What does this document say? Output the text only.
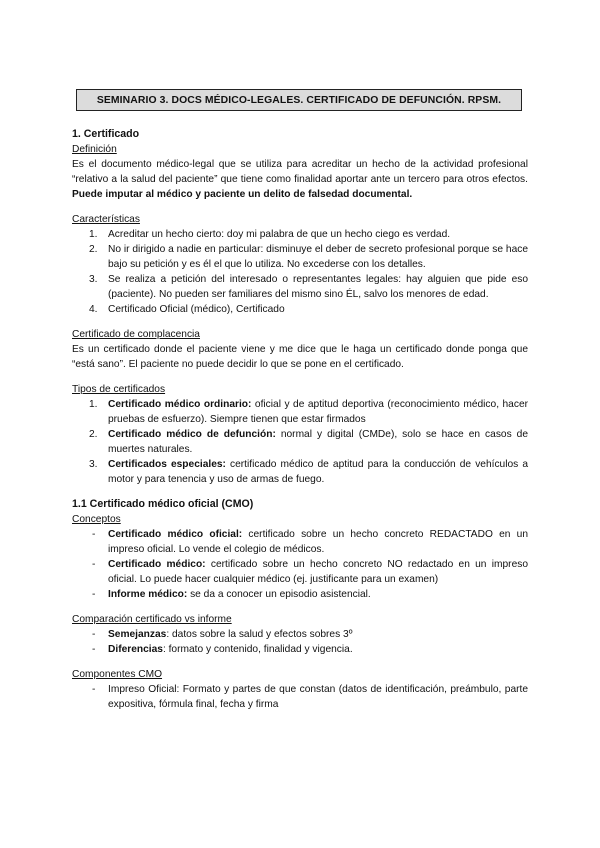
SEMINARIO 3. DOCS MÉDICO-LEGALES. CERTIFICADO DE DEFUNCIÓN. RPSM.
1. Certificado
Definición
Es el documento médico-legal que se utiliza para acreditar un hecho de la actividad profesional “relativo a la salud del paciente” que tiene como finalidad aportar ante un tercero para otros efectos. Puede imputar al médico y paciente un delito de falsedad documental.
Características
1. Acreditar un hecho cierto: doy mi palabra de que un hecho ciego es verdad.
2. No ir dirigido a nadie en particular: disminuye el deber de secreto profesional porque se hace bajo su petición y es él el que lo utiliza. No excederse con los detalles.
3. Se realiza a petición del interesado o representantes legales: hay alguien que pide eso (paciente). No pueden ser familiares del mismo sino ÉL, salvo los menores de edad.
4. Certificado Oficial (médico), Certificado
Certificado de complacencia
Es un certificado donde el paciente viene y me dice que le haga un certificado donde ponga que “está sano”. El paciente no puede decidir lo que se pone en el certificado.
Tipos de certificados
1. Certificado médico ordinario: oficial y de aptitud deportiva (reconocimiento médico, hacer pruebas de esfuerzo). Siempre tienen que estar firmados
2. Certificado médico de defunción: normal y digital (CMDe), solo se hace en casos de muertes naturales.
3. Certificados especiales: certificado médico de aptitud para la conducción de vehículos a motor y para tenencia y uso de armas de fuego.
1.1 Certificado médico oficial (CMO)
Conceptos
- Certificado médico oficial: certificado sobre un hecho concreto REDACTADO en un impreso oficial. Lo vende el colegio de médicos.
- Certificado médico: certificado sobre un hecho concreto NO redactado en un impreso oficial. Lo puede hacer cualquier médico (ej. justificante para un examen)
- Informe médico: se da a conocer un episodio asistencial.
Comparación certificado vs informe
- Semejanzas: datos sobre la salud y efectos sobres 3º
- Diferencias: formato y contenido, finalidad y vigencia.
Componentes CMO
- Impreso Oficial: Formato y partes de que constan (datos de identificación, preámbulo, parte expositiva, fórmula final, fecha y firma
